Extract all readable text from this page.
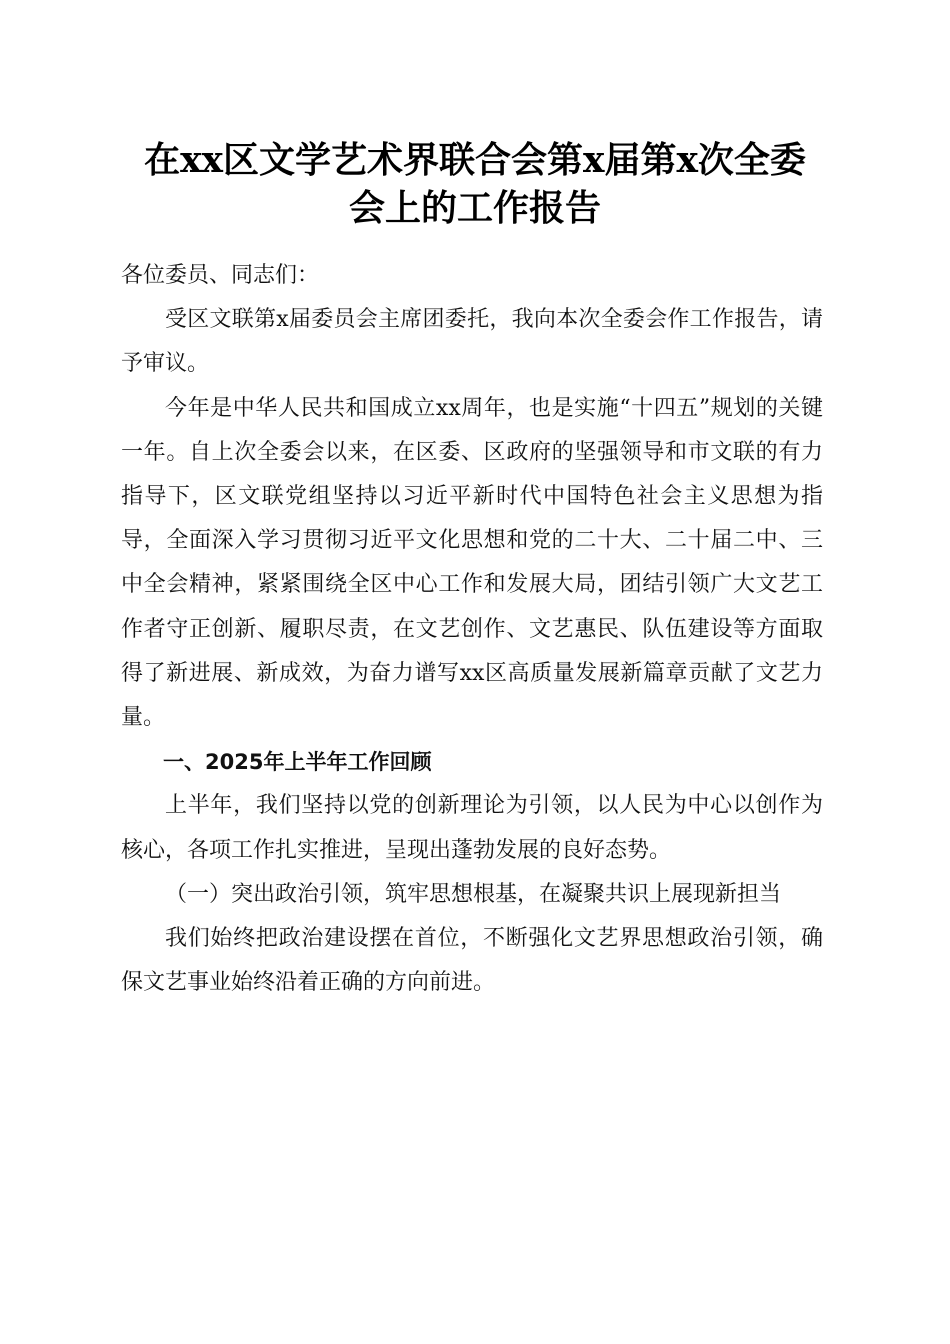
在xx区文学艺术界联合会第x届第x次全委
会上的工作报告

各位委员、同志们：

受区文联第x届委员会主席团委托，我向本次全委会作工作报告，请予审议。

今年是中华人民共和国成立xx周年，也是实施“十四五”规划的关键一年。自上次全委会以来，在区委、区政府的坚强领导和市文联的有力指导下，区文联党组坚持以习近平新时代中国特色社会主义思想为指导，全面深入学习贯彻习近平文化思想和党的二十大、二十届二中、三中全会精神，紧紧围绕全区中心工作和发展大局，团结引领广大文艺工作者守正创新、履职尽责，在文艺创作、文艺惠民、队伍建设等方面取得了新进展、新成效，为奋力谱写xx区高质量发展新篇章贡献了文艺力量。

一、2025年上半年工作回顾

上半年，我们坚持以党的创新理论为引领，以人民为中心以创作为核心，各项工作扎实推进，呈现出蓬勃发展的良好态势。

（一）突出政治引领，筑牢思想根基，在凝聚共识上展现新担当

我们始终把政治建设摆在首位，不断强化文艺界思想政治引领，确保文艺事业始终沿着正确的方向前进。
